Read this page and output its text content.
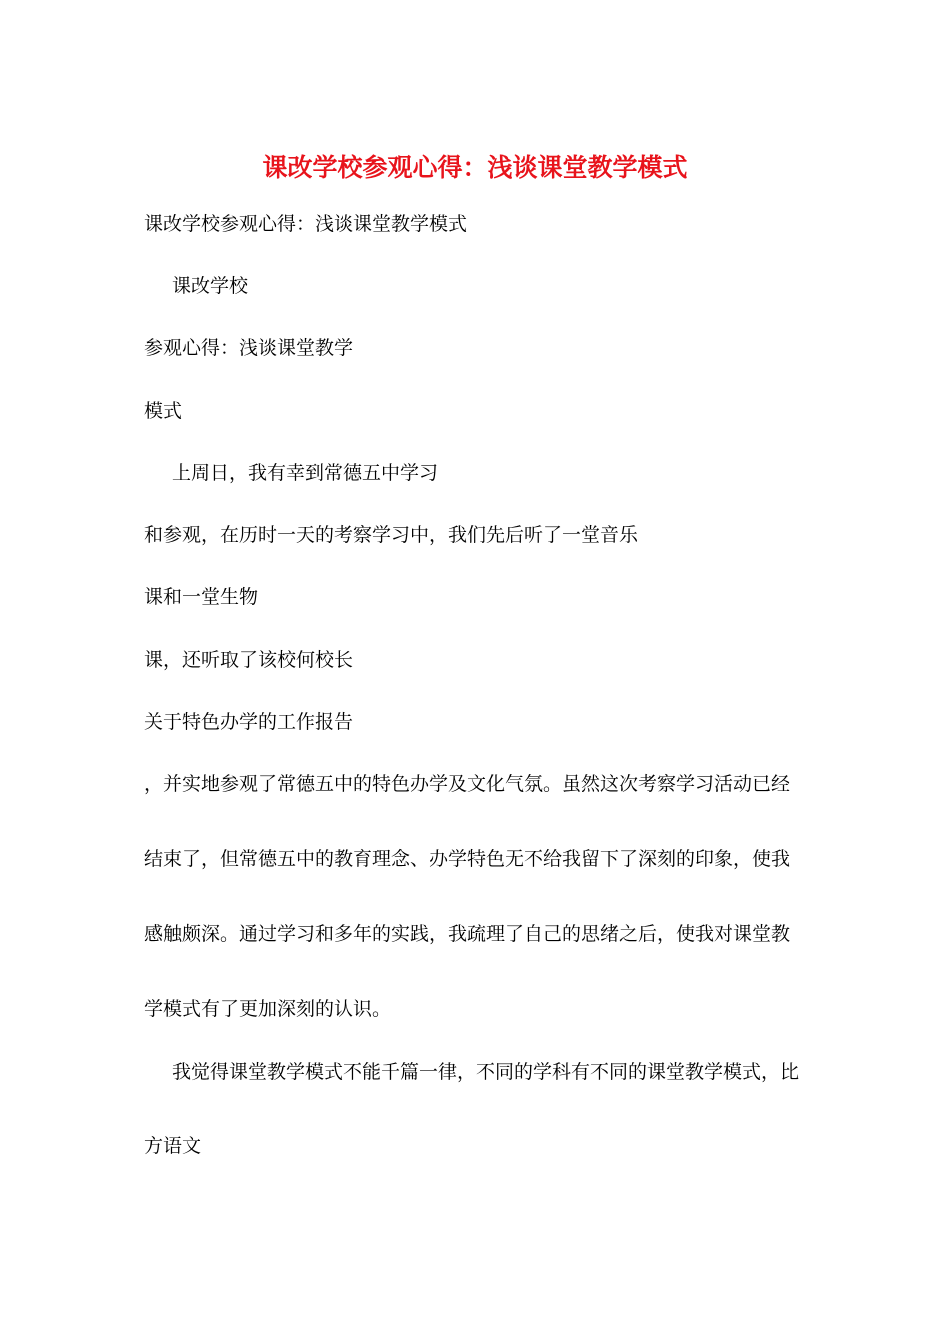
课改学校参观心得：浅谈课堂教学模式
课改学校参观心得：浅谈课堂教学模式
课改学校
参观心得：浅谈课堂教学
模式
上周日，我有幸到常德五中学习
和参观，在历时一天的考察学习中，我们先后听了一堂音乐
课和一堂生物
课，还听取了该校何校长
关于特色办学的工作报告
，并实地参观了常德五中的特色办学及文化气氛。虽然这次考察学习活动已经
结束了，但常德五中的教育理念、办学特色无不给我留下了深刻的印象，使我
感触颇深。通过学习和多年的实践，我疏理了自己的思绪之后，使我对课堂教
学模式有了更加深刻的认识。
我觉得课堂教学模式不能千篇一律，不同的学科有不同的课堂教学模式，比
方语文
